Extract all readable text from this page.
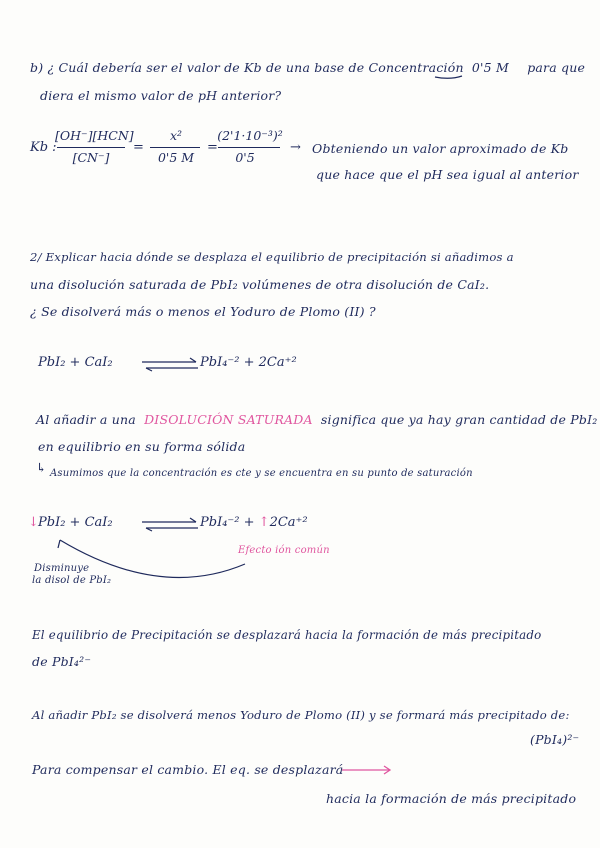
b) ¿ Cuál debería ser el valor de Kb de una base de Concentración 0'5 M para que
diera el mismo valor de pH anterior?
Kb :
[OH⁻][HCN]
[CN⁻]
=
x²
0'5 M
=
(2'1·10⁻³)²
0'5
→ Obteniendo un valor aproximado de Kb
que hace que el pH sea igual al anterior
2/ Explicar hacia dónde se desplaza el equilibrio de precipitación si añadimos a
una disolución saturada de PbI₂ volúmenes de otra disolución de CaI₂.
¿ Se disolverá más o menos el Yoduro de Plomo (II) ?
PbI₂ + CaI₂	PbI₄⁻² + 2Ca⁺²
Al añadir a una DISOLUCIÓN SATURADA significa que ya hay gran cantidad de PbI₂
en equilibrio en su forma sólida
↳ Asumimos que la concentración es cte y se encuentra en su punto de saturación
↓ PbI₂ + CaI₂	PbI₄⁻² + ↑2Ca⁺²
Efecto ión común
Disminuye
la disol de PbI₂
El equilibrio de Precipitación se desplazará hacia la formación de más precipitado
de PbI₄²⁻
Al añadir PbI₂ se disolverá menos Yoduro de Plomo (II) y se formará más precipitado de:
(PbI₄)²⁻
Para compensar el cambio. El eq. se desplazará
hacia la formación de más precipitado
